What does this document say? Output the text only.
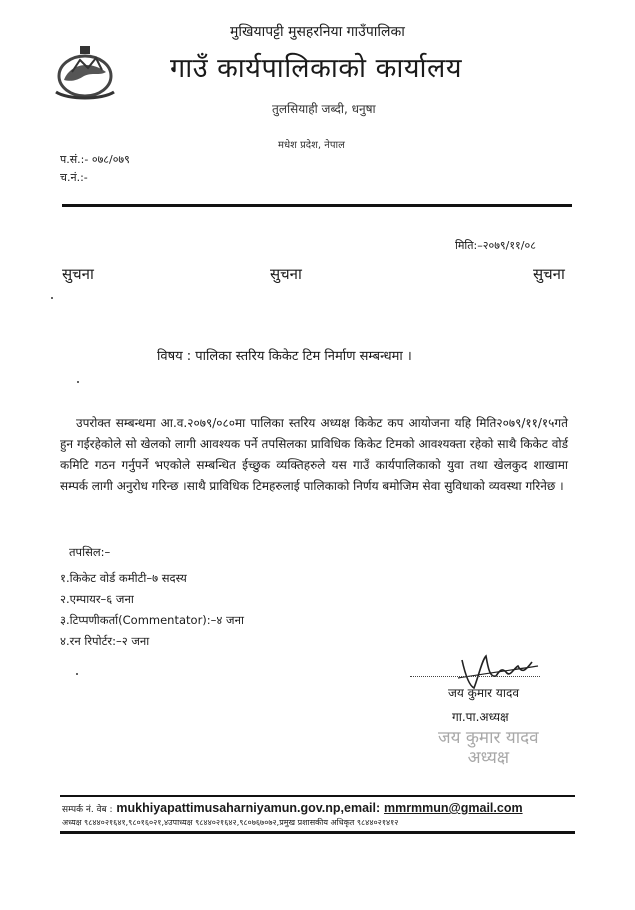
मुखियापट्टी मुसहरनिया गाउँपालिका
गाउँ कार्यपालिकाको कार्यालय
तुलसियाही जब्दी, धनुषा
मधेश प्रदेश, नेपाल
प.सं.:- ०७८/०७९
च.नं.:-
मिति:–२०७९/११/०८
सुचना	सुचना	सुचना
विषय : पालिका स्तरिय किकेट टिम निर्माण सम्बन्धमा ।
उपरोक्त सम्बन्धमा आ.व.२०७९/०८०मा पालिका स्तरिय अध्यक्ष किकेट कप आयोजना यहि मिति२०७९/११/१५गते हुन गईरहेकोले सो खेलको लागी आवश्यक पर्ने तपसिलका प्राविधिक किकेट टिमको आवश्यक्ता रहेको साथै किकेट वोर्ड कमिटि गठन गर्नुपर्ने भएकोले सम्बन्धित ईच्छुक व्यक्तिहरुले यस गाउँ कार्यपालिकाको युवा तथा खेलकुद शाखामा सम्पर्क लागी अनुरोध गरिन्छ ।साथै प्राविधिक टिमहरुलाई पालिकाको निर्णय बमोजिम सेवा सुविधाको व्यवस्था गरिनेछ ।
तपसिल:–
१.किकेट वोर्ड कमीटी–७ सदस्य
२.एम्पायर–६ जना
३.टिप्पणीकर्ता(Commentator):–४ जना
४.रन रिपोर्टर:–२ जना
जय कुमार यादव
गा.पा.अध्यक्ष
जय कुमार यादव
अध्यक्ष
सम्पर्क नं. वेब : mukhiyapattimusaharniyamun.gov.np,email: mmrmmun@gmail.com
अध्यक्ष ९८४४०२१६४१,९८०१६०२१,४उपाध्यक्ष ९८४४०२१६४२,९८०७६७०७२,प्रमुख प्रशासकीय अधिकृत ९८४४०२१४१२
